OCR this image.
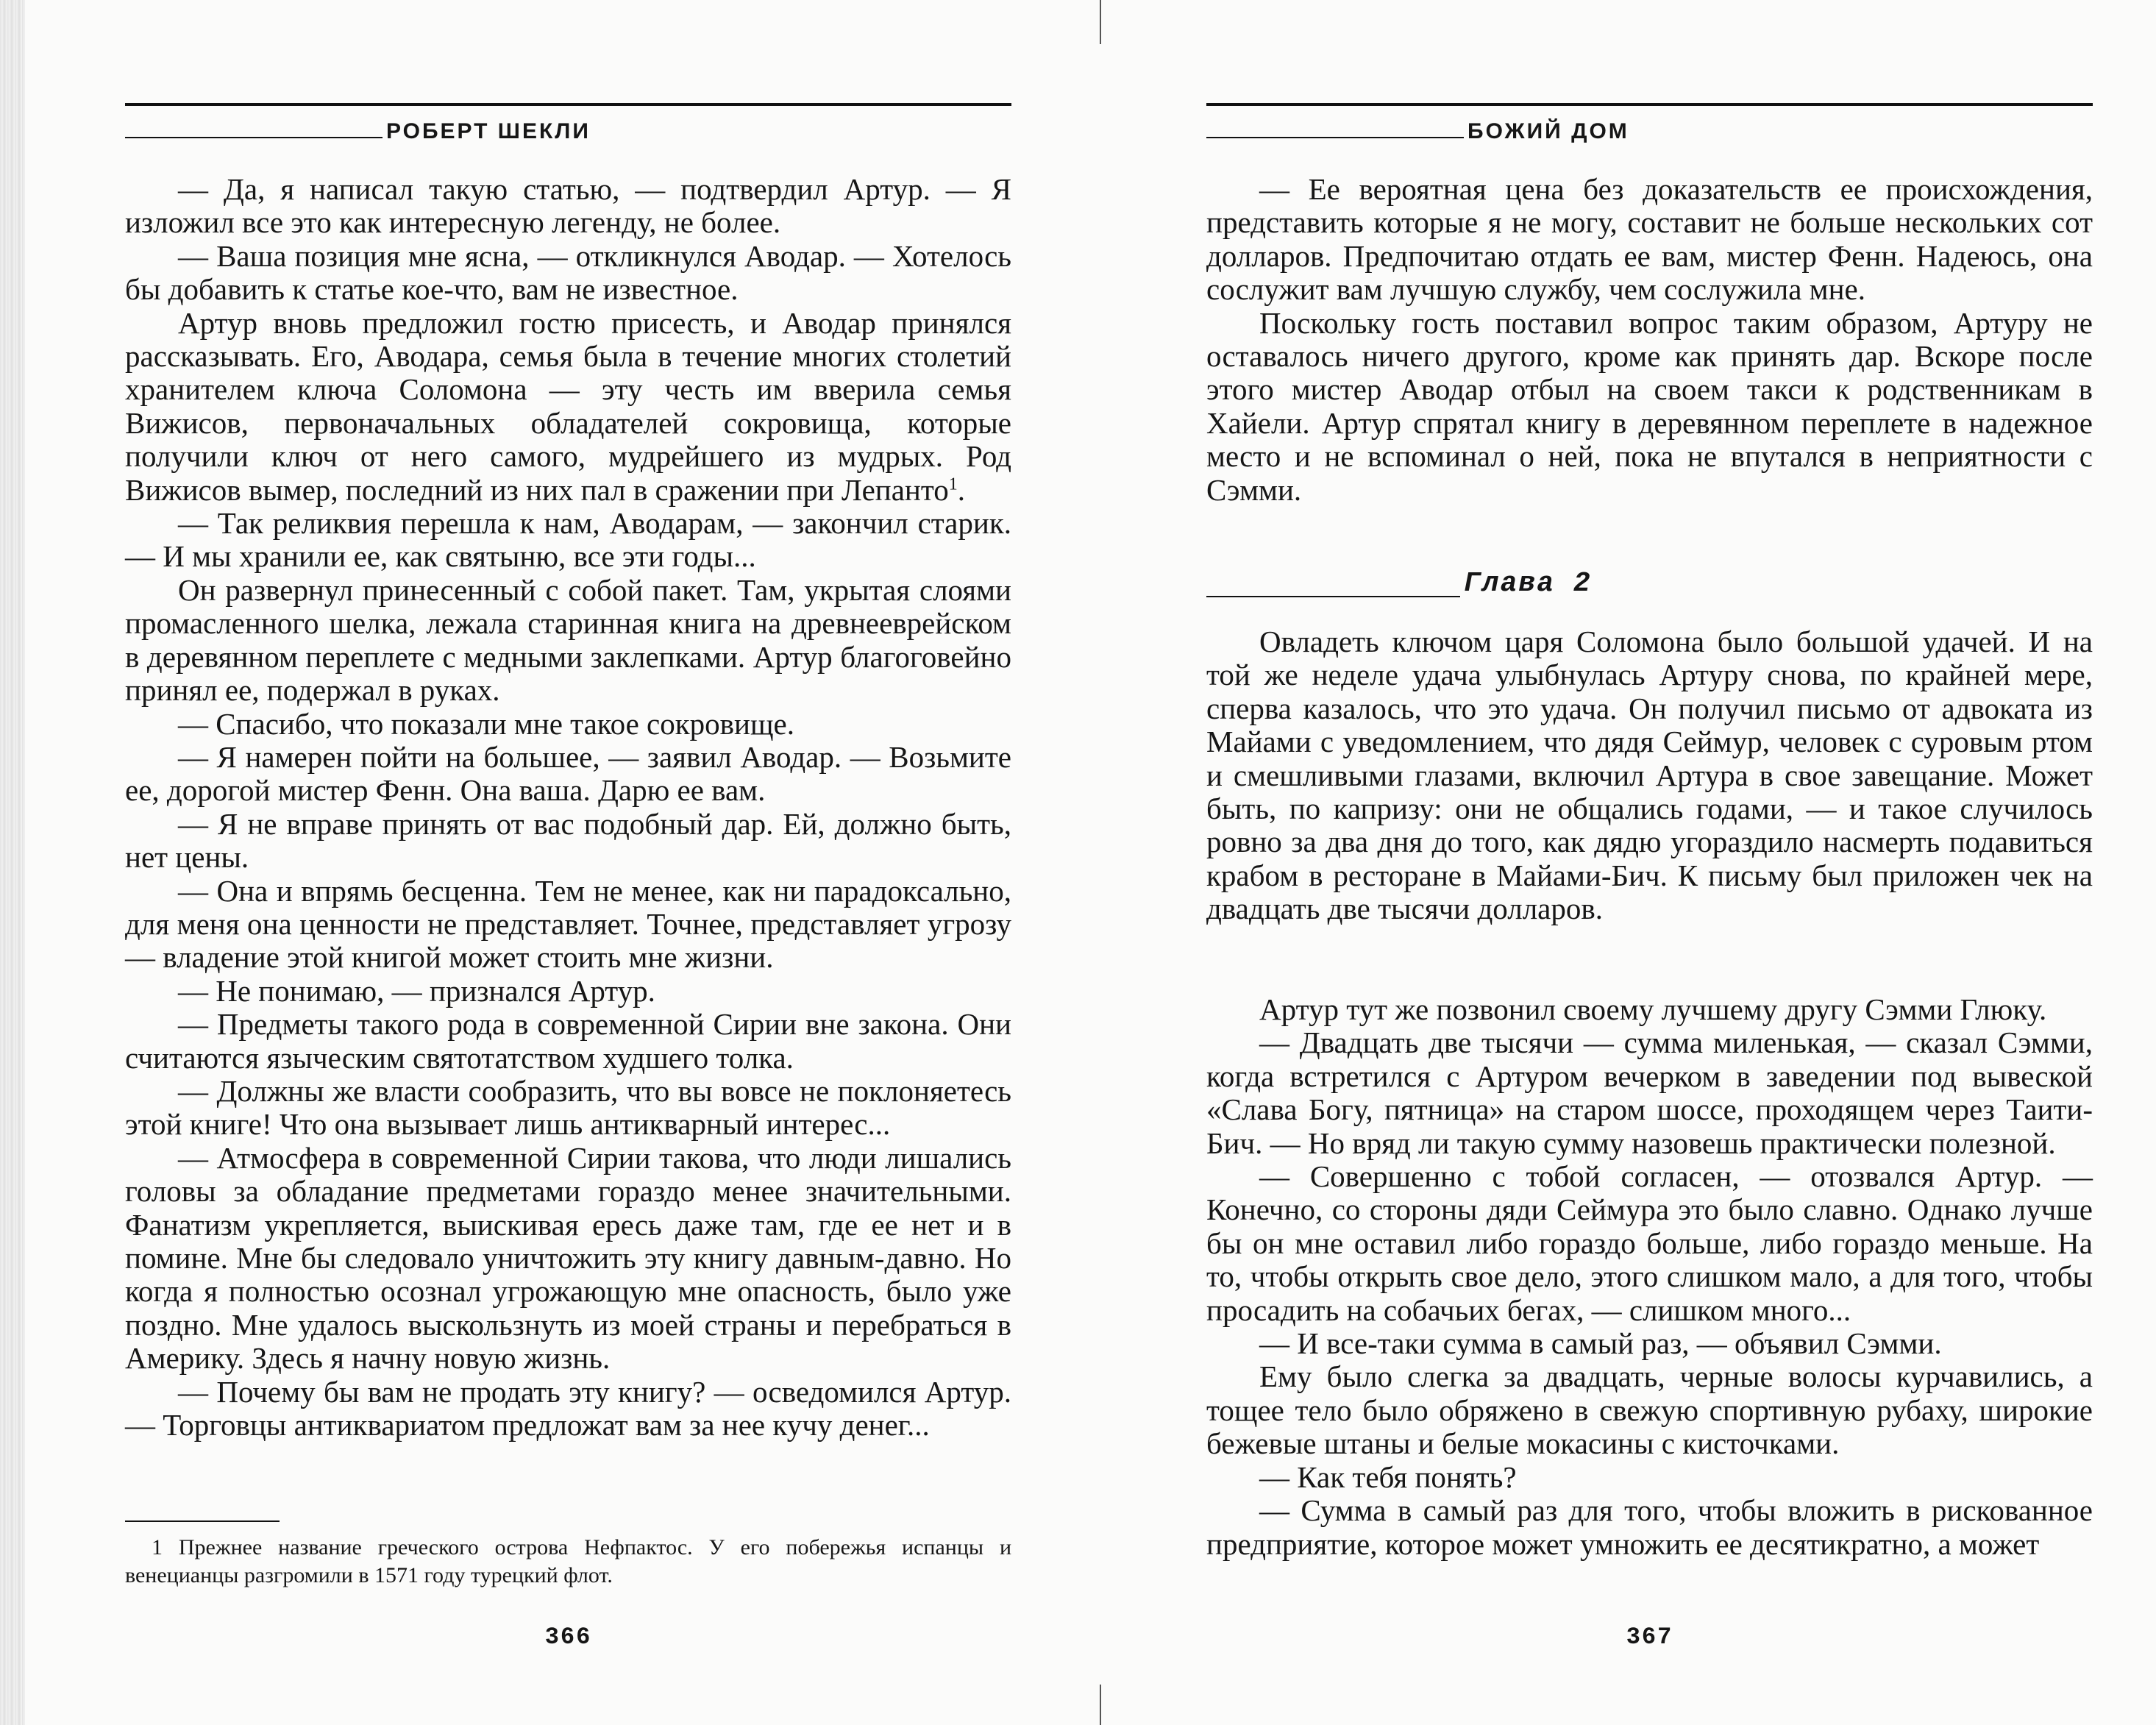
РОБЕРТ ШЕКЛИ

— Да, я написал такую статью, — подтвердил Артур. — Я изложил все это как интересную легенду, не более.

— Ваша позиция мне ясна, — откликнулся Аводар. — Хотелось бы добавить к статье кое-что, вам не известное.

Артур вновь предложил гостю присесть, и Аводар принялся рассказывать. Его, Аводара, семья была в течение многих столетий хранителем ключа Соломона — эту честь им вверила семья Вижисов, первоначальных обладателей сокровища, которые получили ключ от него самого, мудрейшего из мудрых. Род Вижисов вымер, последний из них пал в сражении при Лепанто$^1$.

— Так реликвия перешла к нам, Аводарам, — закончил старик. — И мы хранили ее, как святыню, все эти годы...

Он развернул принесенный с собой пакет. Там, укрытая слоями промасленного шелка, лежала старинная книга на древнееврейском в деревянном переплете с медными заклепками. Артур благоговейно принял ее, подержал в руках.

— Спасибо, что показали мне такое сокровище.

— Я намерен пойти на большее, — заявил Аводар. — Возьмите ее, дорогой мистер Фенн. Она ваша. Дарю ее вам.

— Я не вправе принять от вас подобный дар. Ей, должно быть, нет цены.

— Она и впрямь бесценна. Тем не менее, как ни парадоксально, для меня она ценности не представляет. Точнее, представляет угрозу — владение этой книгой может стоить мне жизни.

— Не понимаю, — признался Артур.

— Предметы такого рода в современной Сирии вне закона. Они считаются языческим святотатством худшего толка.

— Должны же власти сообразить, что вы вовсе не поклоняетесь этой книге! Что она вызывает лишь антикварный интерес...

— Атмосфера в современной Сирии такова, что люди лишались головы за обладание предметами гораздо менее значительными. Фанатизм укрепляется, выискивая ересь даже там, где ее нет и в помине. Мне бы следовало уничтожить эту книгу давным-давно. Но когда я полностью осознал угрожающую мне опасность, было уже поздно. Мне удалось выскользнуть из моей страны и перебраться в Америку. Здесь я начну новую жизнь.

— Почему бы вам не продать эту книгу? — осведомился Артур. — Торговцы антиквариатом предложат вам за нее кучу денег...

1 Прежнее название греческого острова Нефпактос. У его побережья испанцы и венецианцы разгромили в 1571 году турецкий флот.

366
БОЖИЙ ДОМ

— Ее вероятная цена без доказательств ее происхождения, представить которые я не могу, составит не больше нескольких сот долларов. Предпочитаю отдать ее вам, мистер Фенн. Надеюсь, она сослужит вам лучшую службу, чем сослужила мне.

Поскольку гость поставил вопрос таким образом, Артуру не оставалось ничего другого, кроме как принять дар. Вскоре после этого мистер Аводар отбыл на своем такси к родственникам в Хайели. Артур спрятал книгу в деревянном переплете в надежное место и не вспоминал о ней, пока не впутался в неприятности с Сэмми.

Глава 2

Овладеть ключом царя Соломона было большой удачей. И на той же неделе удача улыбнулась Артуру снова, по крайней мере, сперва казалось, что это удача. Он получил письмо от адвоката из Майами с уведомлением, что дядя Сеймур, человек с суровым ртом и смешливыми глазами, включил Артура в свое завещание. Может быть, по капризу: они не общались годами, — и такое случилось ровно за два дня до того, как дядю угораздило насмерть подавиться крабом в ресторане в Майами-Бич. К письму был приложен чек на двадцать две тысячи долларов.

Артур тут же позвонил своему лучшему другу Сэмми Глюку.

— Двадцать две тысячи — сумма миленькая, — сказал Сэмми, когда встретился с Артуром вечерком в заведении под вывеской «Слава Богу, пятница» на старом шоссе, проходящем через Таити-Бич. — Но вряд ли такую сумму назовешь практически полезной.

— Совершенно с тобой согласен, — отозвался Артур. — Конечно, со стороны дяди Сеймура это было славно. Однако лучше бы он мне оставил либо гораздо больше, либо гораздо меньше. На то, чтобы открыть свое дело, этого слишком мало, а для того, чтобы просадить на собачьих бегах, — слишком много...

— И все-таки сумма в самый раз, — объявил Сэмми.

Ему было слегка за двадцать, черные волосы курчавились, а тощее тело было обряжено в свежую спортивную рубаху, широкие бежевые штаны и белые мокасины с кисточками.

— Как тебя понять?

— Сумма в самый раз для того, чтобы вложить в рискованное предприятие, которое может умножить ее десятикратно, а может

367
